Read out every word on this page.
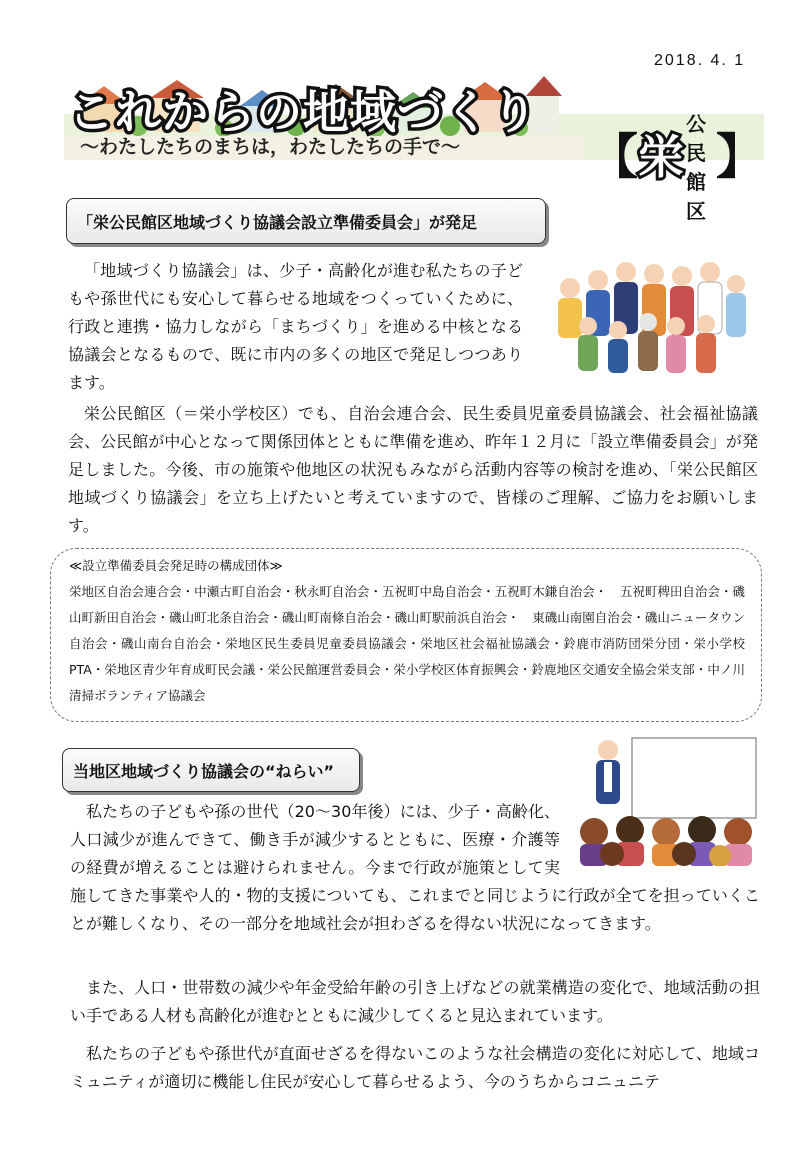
2018. 4. 1
これからの地域づくり
～わたしたちのまちは，わたしたちの手で～	【 栄
公民館区
】
「栄公民館区地域づくり協議会設立準備委員会」が発足

「地域づくり協議会」は、少子・高齢化が進む私たちの子どもや孫世代にも安心して暮らせる地域をつくっていくために、行政と連携・協力しながら「まちづくり」を進める中核となる協議会となるもので、既に市内の多くの地区で発足しつつあります。

栄公民館区（＝栄小学校区）でも、自治会連合会、民生委員児童委員協議会、社会福祉協議会、公民館が中心となって関係団体とともに準備を進め、昨年１２月に「設立準備委員会」が発足しました。今後、市の施策や他地区の状況もみながら活動内容等の検討を進め、「栄公民館区地域づくり協議会」を立ち上げたいと考えていますので、皆様のご理解、ご協力をお願いします。

≪設立準備委員会発足時の構成団体≫
栄地区自治会連合会・中瀬古町自治会・秋永町自治会・五祝町中島自治会・五祝町木鎌自治会・　五祝町稗田自治会・磯山町新田自治会・磯山町北条自治会・磯山町南條自治会・磯山町駅前浜自治会・　東磯山南園自治会・磯山ニュータウン自治会・磯山南台自治会・栄地区民生委員児童委員協議会・栄地区社会福祉協議会・鈴鹿市消防団栄分団・栄小学校 PTA・栄地区青少年育成町民会議・栄公民館運営委員会・栄小学校区体育振興会・鈴鹿地区交通安全協会栄支部・中ノ川清掃ボランティア協議会
当地区地域づくり協議会の“ねらい”

私たちの子どもや孫の世代（20～30年後）には、少子・高齢化、人口減少が進んできて、働き手が減少するとともに、医療・介護等の経費が増えることは避けられません。今まで行政が施策として実施してきた事業や人的・物的支援についても、これまでと同じように行政が全てを担っていくことが難しくなり、その一部分を地域社会が担わざるを得ない状況になってきます。

また、人口・世帯数の減少や年金受給年齢の引き上げなどの就業構造の変化で、地域活動の担い手である人材も高齢化が進むとともに減少してくると見込まれています。

私たちの子どもや孫世代が直面せざるを得ないこのような社会構造の変化に対応して、地域コミュニティが適切に機能し住民が安心して暮らせるよう、今のうちからコニュニテ
